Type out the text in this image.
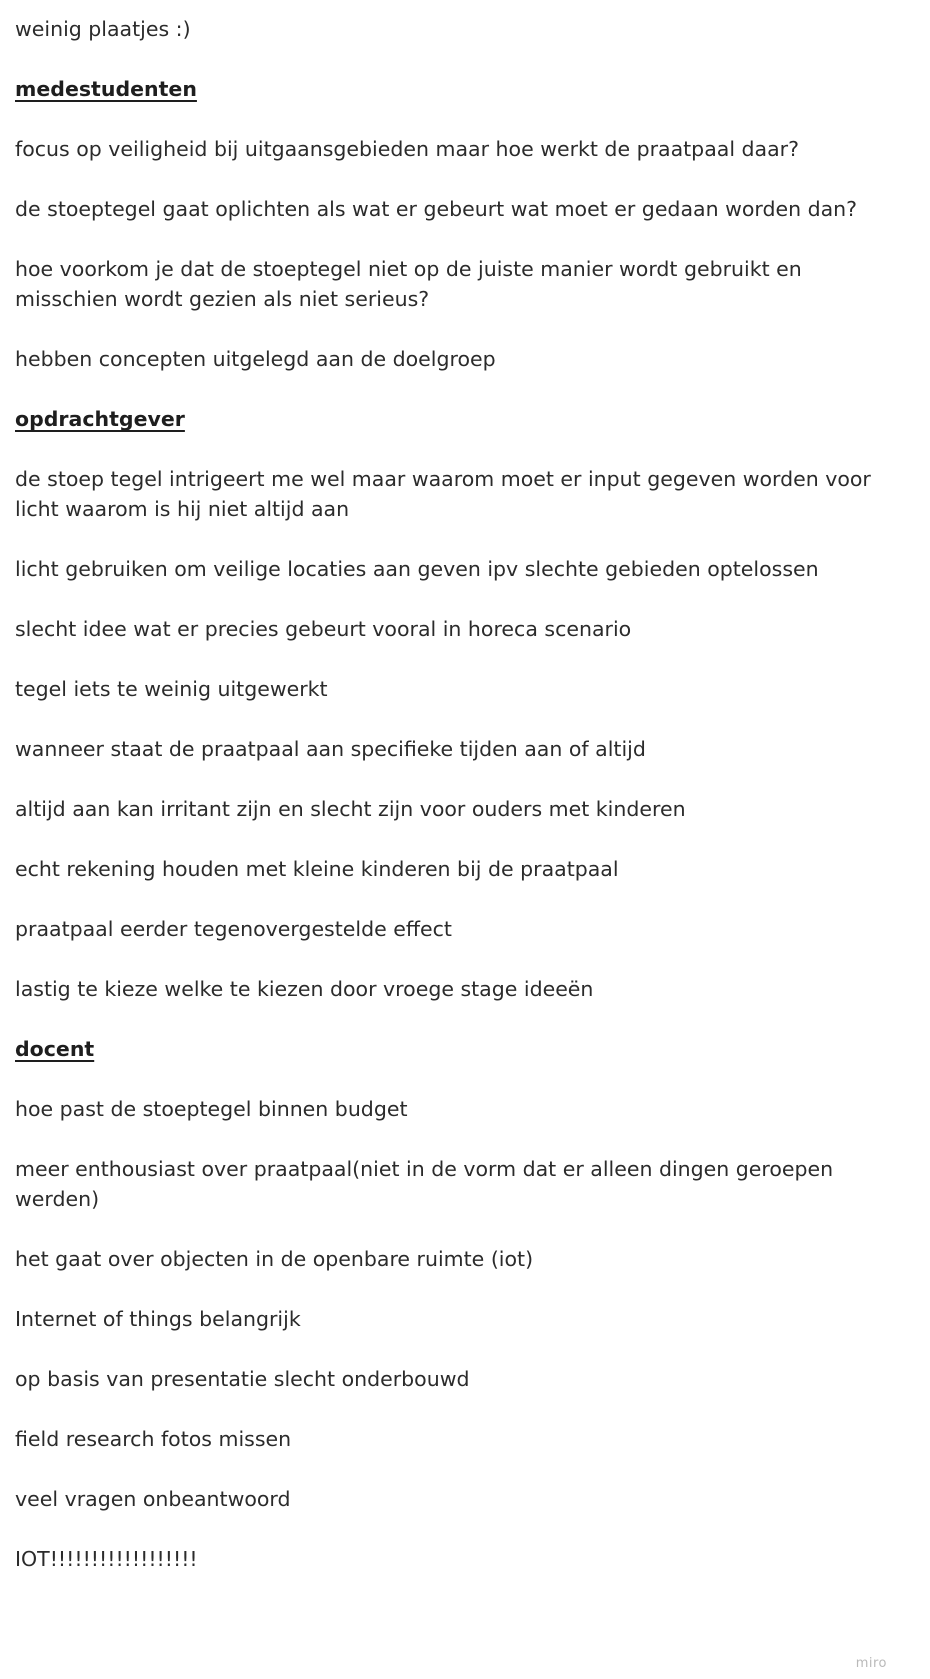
weinig plaatjes :)

medestudenten

focus op veiligheid bij uitgaansgebieden maar hoe werkt de praatpaal daar?

de stoeptegel gaat oplichten als wat er gebeurt wat moet er gedaan worden dan?

hoe voorkom je dat de stoeptegel niet op de juiste manier wordt gebruikt en misschien wordt gezien als niet serieus?

hebben concepten uitgelegd aan de doelgroep

opdrachtgever

de stoep tegel intrigeert me wel maar waarom moet er input gegeven worden voor licht waarom is hij niet altijd aan

licht gebruiken om veilige locaties aan geven ipv slechte gebieden optelossen

slecht idee wat er precies gebeurt vooral in horeca scenario

tegel iets te weinig uitgewerkt

wanneer staat de praatpaal aan specifieke tijden aan of altijd

altijd aan kan irritant zijn en slecht zijn voor ouders met kinderen

echt rekening houden met kleine kinderen bij de praatpaal

praatpaal eerder tegenovergestelde effect

lastig te kieze welke te kiezen door vroege stage ideeën

docent

hoe past de stoeptegel binnen budget

meer enthousiast over praatpaal(niet in de vorm dat er alleen dingen geroepen werden)

het gaat over objecten in de openbare ruimte (iot)

Internet of things belangrijk

op basis van presentatie slecht onderbouwd

field research fotos missen

veel vragen onbeantwoord

IOT!!!!!!!!!!!!!!!!!!

miro
